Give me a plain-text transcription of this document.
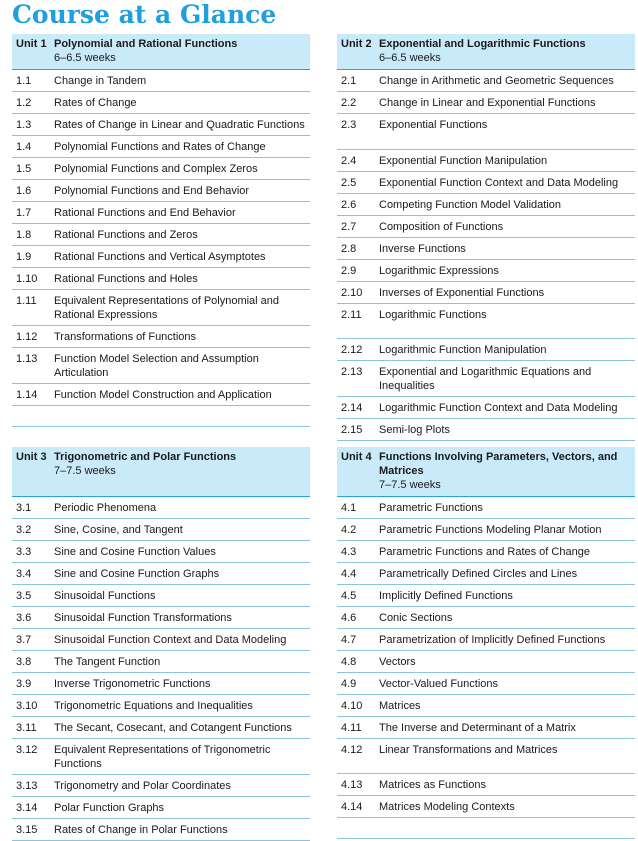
Course at a Glance
Unit 1 Polynomial and Rational Functions
6–6.5 weeks
1.1	Change in Tandem
1.2	Rates of Change
1.3	Rates of Change in Linear and Quadratic Functions
1.4	Polynomial Functions and Rates of Change
1.5	Polynomial Functions and Complex Zeros
1.6	Polynomial Functions and End Behavior
1.7	Rational Functions and End Behavior
1.8	Rational Functions and Zeros
1.9	Rational Functions and Vertical Asymptotes
1.10	Rational Functions and Holes
1.11	Equivalent Representations of Polynomial and Rational Expressions
1.12	Transformations of Functions
1.13	Function Model Selection and Assumption Articulation
1.14	Function Model Construction and Application
Unit 2 Exponential and Logarithmic Functions
6–6.5 weeks
2.1	Change in Arithmetic and Geometric Sequences
2.2	Change in Linear and Exponential Functions
2.3	Exponential Functions
2.4	Exponential Function Manipulation
2.5	Exponential Function Context and Data Modeling
2.6	Competing Function Model Validation
2.7	Composition of Functions
2.8	Inverse Functions
2.9	Logarithmic Expressions
2.10	Inverses of Exponential Functions
2.11	Logarithmic Functions
2.12	Logarithmic Function Manipulation
2.13	Exponential and Logarithmic Equations and Inequalities
2.14	Logarithmic Function Context and Data Modeling
2.15	Semi-log Plots
Unit 3 Trigonometric and Polar Functions
7–7.5 weeks
3.1	Periodic Phenomena
3.2	Sine, Cosine, and Tangent
3.3	Sine and Cosine Function Values
3.4	Sine and Cosine Function Graphs
3.5	Sinusoidal Functions
3.6	Sinusoidal Function Transformations
3.7	Sinusoidal Function Context and Data Modeling
3.8	The Tangent Function
3.9	Inverse Trigonometric Functions
3.10	Trigonometric Equations and Inequalities
3.11	The Secant, Cosecant, and Cotangent Functions
3.12	Equivalent Representations of Trigonometric Functions
3.13	Trigonometry and Polar Coordinates
3.14	Polar Function Graphs
3.15	Rates of Change in Polar Functions
Unit 4 Functions Involving Parameters, Vectors, and Matrices
7–7.5 weeks
4.1	Parametric Functions
4.2	Parametric Functions Modeling Planar Motion
4.3	Parametric Functions and Rates of Change
4.4	Parametrically Defined Circles and Lines
4.5	Implicitly Defined Functions
4.6	Conic Sections
4.7	Parametrization of Implicitly Defined Functions
4.8	Vectors
4.9	Vector-Valued Functions
4.10	Matrices
4.11	The Inverse and Determinant of a Matrix
4.12	Linear Transformations and Matrices
4.13	Matrices as Functions
4.14	Matrices Modeling Contexts
